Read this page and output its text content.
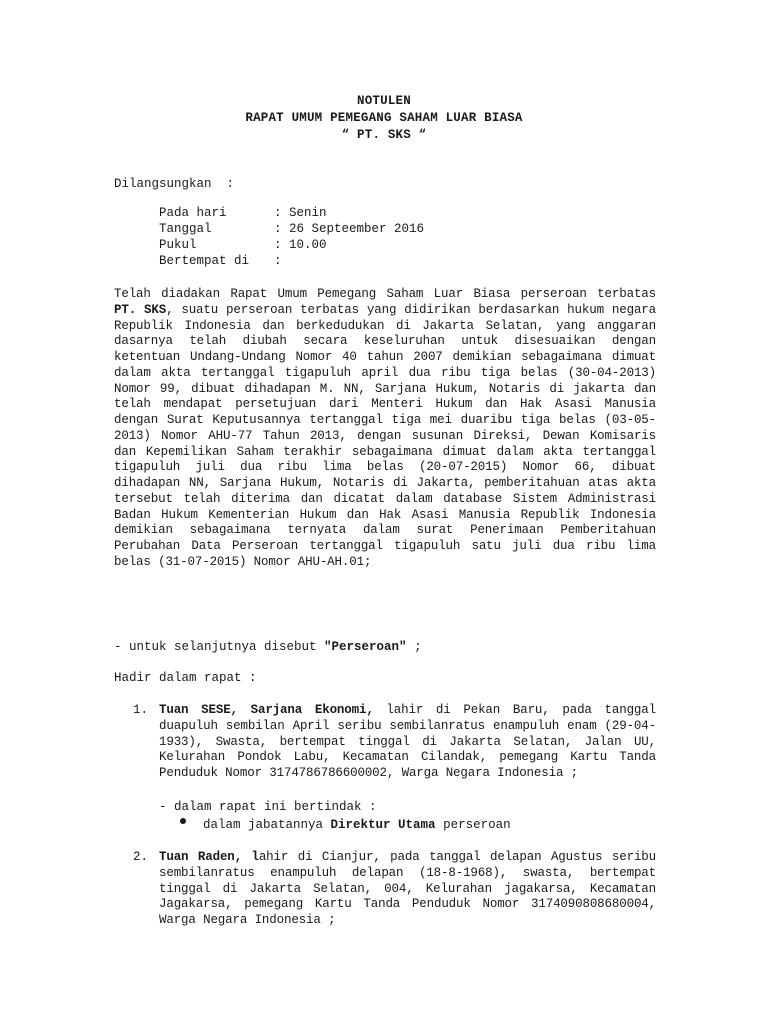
NOTULEN
RAPAT UMUM PEMEGANG SAHAM LUAR BIASA
“ PT. SKS “
Dilangsungkan  :
Pada hari	: Senin
Tanggal	: 26 Septeember 2016
Pukul	: 10.00
Bertempat di :

Telah diadakan Rapat Umum Pemegang Saham Luar Biasa perseroan terbatas PT. SKS, suatu perseroan terbatas yang didirikan berdasarkan hukum negara Republik Indonesia dan berkedudukan di Jakarta Selatan, yang anggaran dasarnya telah diubah secara keseluruhan untuk disesuaikan dengan ketentuan Undang-Undang Nomor 40 tahun 2007 demikian sebagaimana dimuat dalam akta tertanggal tigapuluh april dua ribu tiga belas (30-04-2013) Nomor 99, dibuat dihadapan M. NN, Sarjana Hukum, Notaris di jakarta dan telah mendapat persetujuan dari Menteri Hukum dan Hak Asasi Manusia dengan Surat Keputusannya tertanggal tiga mei duaribu tiga belas (03-05-2013) Nomor AHU-77 Tahun 2013, dengan susunan Direksi, Dewan Komisaris dan Kepemilikan Saham terakhir sebagaimana dimuat dalam akta tertanggal tigapuluh juli dua ribu lima belas (20-07-2015) Nomor 66, dibuat dihadapan NN, Sarjana Hukum, Notaris di Jakarta, pemberitahuan atas akta tersebut telah diterima dan dicatat dalam database Sistem Administrasi Badan Hukum Kementerian Hukum dan Hak Asasi Manusia Republik Indonesia demikian sebagaimana ternyata dalam surat Penerimaan Pemberitahuan Perubahan Data Perseroan tertanggal tigapuluh satu juli dua ribu lima belas (31-07-2015) Nomor AHU-AH.01;

- untuk selanjutnya disebut "Perseroan" ;
Hadir dalam rapat :
1. Tuan SESE, Sarjana Ekonomi, lahir di Pekan Baru, pada tanggal duapuluh sembilan April seribu sembilanratus enampuluh enam (29-04-1933), Swasta, bertempat tinggal di Jakarta Selatan, Jalan UU, Kelurahan Pondok Labu, Kecamatan Cilandak, pemegang Kartu Tanda Penduduk Nomor 3174786786600002, Warga Negara Indonesia ;

- dalam rapat ini bertindak :
dalam jabatannya Direktur Utama perseroan
2. Tuan Raden, lahir di Cianjur, pada tanggal delapan Agustus seribu sembilanratus enampuluh delapan (18-8-1968), swasta, bertempat tinggal di Jakarta Selatan, 004, Kelurahan jagakarsa, Kecamatan Jagakarsa, pemegang Kartu Tanda Penduduk Nomor 3174090808680004, Warga Negara Indonesia ;
